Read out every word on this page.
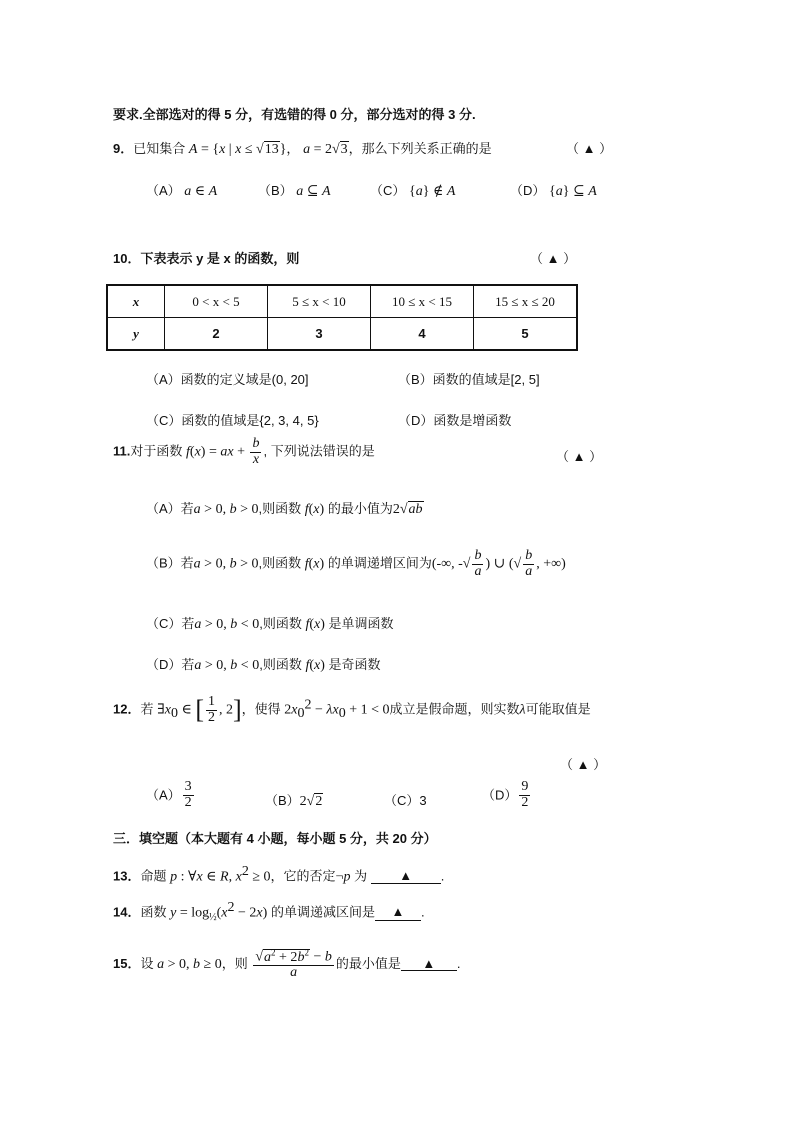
要求.全部选对的得 5 分，有选错的得 0 分，部分选对的得 3 分.
9．已知集合 A = {x | x ≤ √13}， a = 2√3，那么下列关系正确的是	（ ▲ ）
（A） a ∈ A	（B） a ⊆ A	（C） {a} ∉ A	（D） {a} ⊆ A
10．下表表示 y 是 x 的函数，则	（ ▲ ）
x	0 < x < 5	5 ≤ x < 10	10 ≤ x < 15	15 ≤ x ≤ 20
y	2	3	4	5
（A）函数的定义域是(0, 20]	（B）函数的值域是[2, 5]
（C）函数的值域是{2, 3, 4, 5}	（D）函数是增函数
11.对于函数 f(x) = ax + $\frac{b}{x}$ , 下列说法错误的是	（ ▲ ）
（A）若a > 0, b > 0,则函数 f(x) 的最小值为2√ab
（B）若a > 0, b > 0,则函数 f(x) 的单调递增区间为(-∞, -√ $\frac{b}{a}$ ) ∪ (√ $\frac{b}{a}$ , +∞)
（C）若a > 0, b < 0,则函数 f(x) 是单调函数
（D）若a > 0, b < 0,则函数 f(x) 是奇函数
12．若 $\exists x_0$ ∈ [ $\frac{1}{2}$ , 2]，使得 $2x_0^2 - \lambda x_0 + 1 < 0$成立是假命题，则实数λ可能取值是
（ ▲ ）
$(A) \frac{3}{2}$	（B）2√2	（C）3	$(D) \frac{9}{2}$
三．填空题（本大题有 4 小题，每小题 5 分，共 20 分）
13．命题 p : ∀x ∈ R, $x^2 \ge 0$，它的否定¬p 为 ▲ .
14．函数 $y = \log_{\frac{1}{2}}(x^2 - 2x)$ 的单调递减区间是 ▲ .
15．设 a > 0, b ≥ 0，则 $\frac{√a^2 + 2b^2 - b}{a}$ 的最小值是 ▲ .
